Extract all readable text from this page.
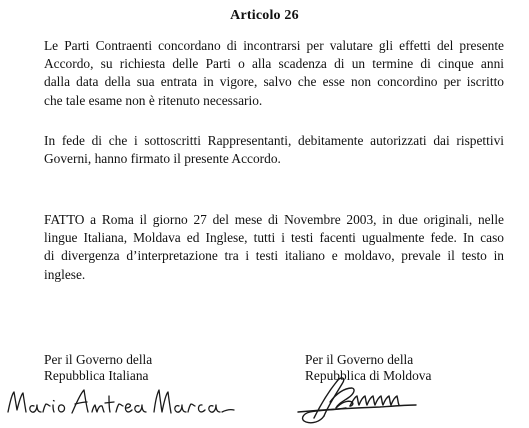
Articolo 26

Le Parti Contraenti concordano di incontrarsi per valutare gli effetti del presente
Accordo, su richiesta delle Parti o alla scadenza di un termine di cinque anni
dalla data della sua entrata in vigore, salvo che esse non concordino per iscritto
che tale esame non è ritenuto necessario.

In fede di che i sottoscritti Rappresentanti, debitamente autorizzati dai rispettivi
Governi, hanno firmato il presente Accordo.

FATTO a Roma il giorno 27 del mese di Novembre 2003, in due originali, nelle
lingue Italiana, Moldava ed Inglese, tutti i testi facenti ugualmente fede. In caso
di divergenza d’interpretazione tra i testi italiano e moldavo, prevale il testo in
inglese.

Per il Governo della
Repubblica Italiana
Per il Governo della
Repubblica di Moldova
